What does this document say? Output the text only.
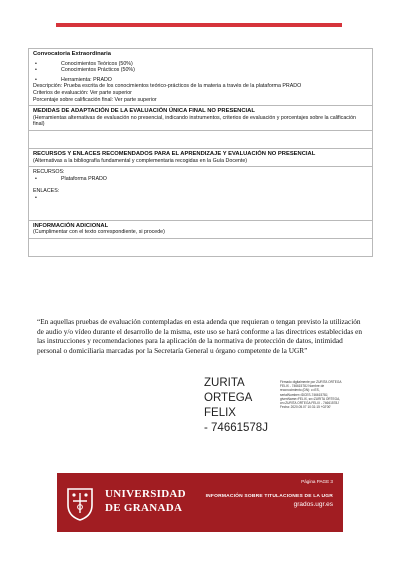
Convocatoria Extraordinaria
•	Conocimientos Teóricos (50%)
•	Conocimientos Prácticos (50%)
•	Herramienta: PRADO
Descripción: Prueba escrita de los conocimientos teórico-prácticos de la materia a través de la plataforma PRADO
Criterios de evaluación: Ver parte superior
Porcentaje sobre calificación final: Ver parte superior
MEDIDAS DE ADAPTACIÓN DE LA EVALUACIÓN ÚNICA FINAL NO PRESENCIAL
(Herramientas alternativas de evaluación no presencial, indicando instrumentos, criterios de evaluación y porcentajes sobre la calificación final)
RECURSOS Y ENLACES RECOMENDADOS PARA EL APRENDIZAJE Y EVALUACIÓN NO PRESENCIAL
(Alternativas a la bibliografía fundamental y complementaria recogidas en la Guía Docente)
RECURSOS:
•	Plataforma PRADO
ENLACES:
•
INFORMACIÓN ADICIONAL
(Cumplimentar con el texto correspondiente, si procede)
“En aquellas pruebas de evaluación contempladas en esta adenda que requieran o tengan previsto la utilización de audio y/o vídeo durante el desarrollo de la misma, este uso se hará conforme a las directrices establecidas en las instrucciones y recomendaciones para la aplicación de la normativa de protección de datos, intimidad personal o domiciliaria marcadas por la Secretaría General u órgano competente de la UGR”
ZURITA
ORTEGA FELIX
- 74661578J
Firmado digitalmente por ZURITA ORTEGA FELIX - 74661578J Nombre de reconocimiento (DN): c=ES, serialNumber=IDCES-74661578J, givenName=FELIX, sn=ZURITA ORTEGA, cn=ZURITA ORTEGA FELIX - 74661578J Fecha: 2020.05.07 10:31:15 +02'00'
UNIVERSIDAD
DE GRANADA
Página PAGE 3
INFORMACIÓN SOBRE TITULACIONES DE LA UGR
grados.ugr.es
